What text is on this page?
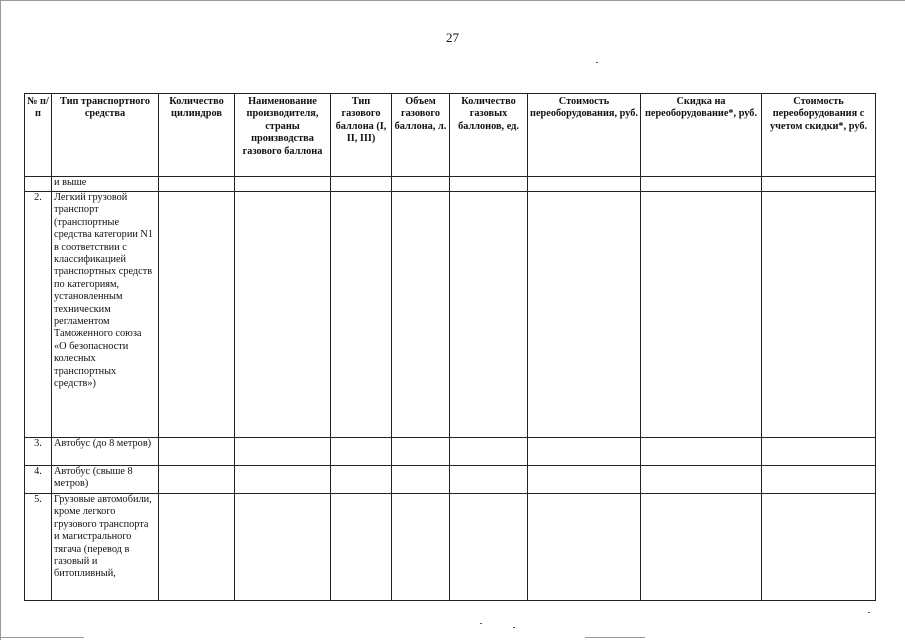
27
№ п/п	Тип транспортного средства	Количество цилиндров	Наименование производителя, страны производства газового баллона	Тип газового баллона (I, II, III)	Объем газового баллона, л.	Количество газовых баллонов, ед.	Стоимость переоборудования, руб.	Скидка на переоборудование*, руб.	Стоимость переоборудования с учетом скидки*, руб.
	и выше								
2.	Легкий грузовой транспорт (транспортные средства категории N1 в соответствии с классификацией транспортных средств по категориям, установленным техническим регламентом Таможенного союза «О безопасности колесных транспортных средств»)								
3.	Автобус (до 8 метров)								
4.	Автобус (свыше 8 метров)								
5.	Грузовые автомобили, кроме легкого грузового транспорта и магистрального тягача (перевод в газовый и битопливный,								
